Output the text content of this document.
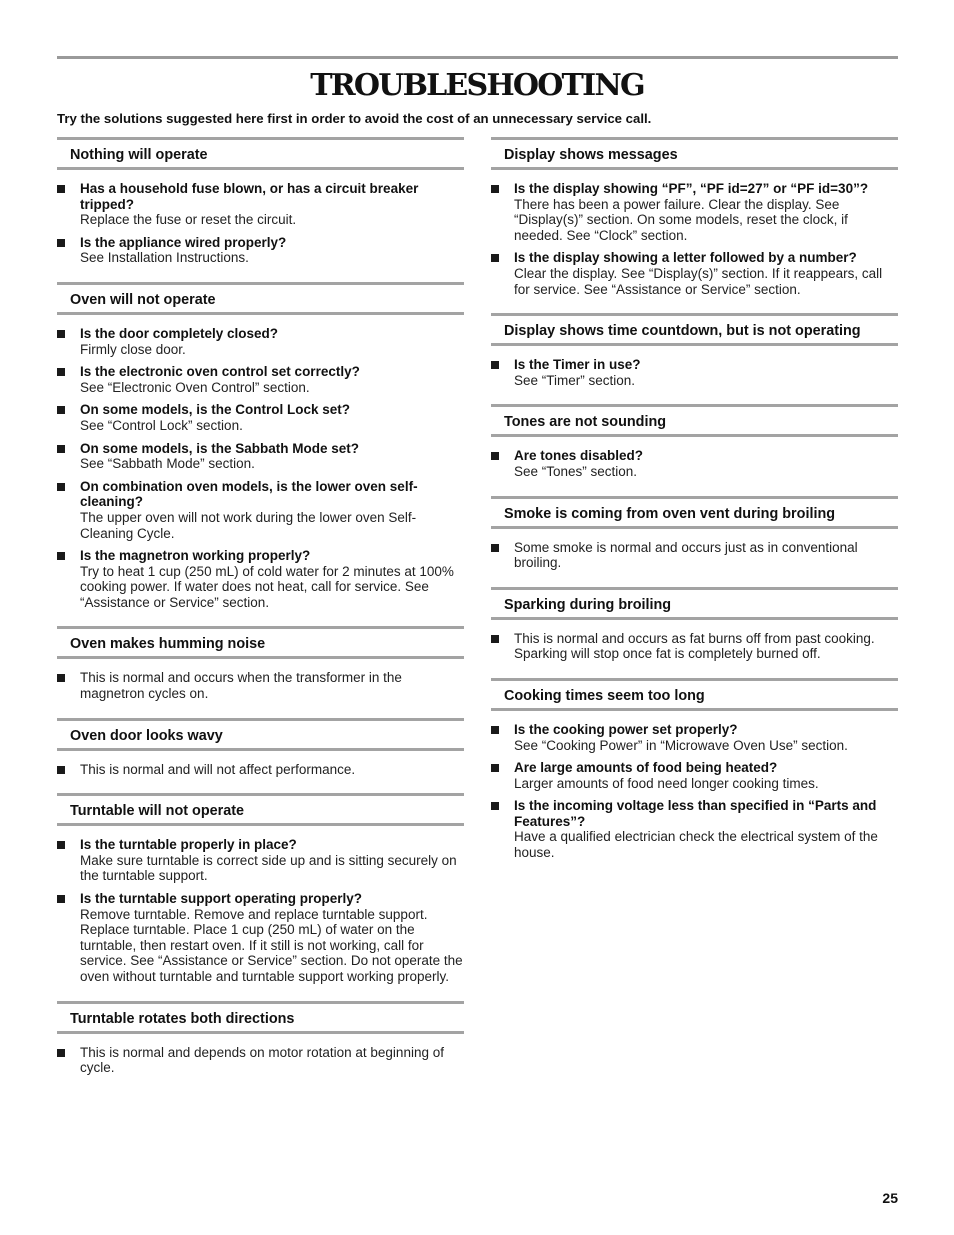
TROUBLESHOOTING

Try the solutions suggested here first in order to avoid the cost of an unnecessary service call.

Nothing will operate
Has a household fuse blown, or has a circuit breaker tripped?
Replace the fuse or reset the circuit.
Is the appliance wired properly?
See Installation Instructions.
Oven will not operate
Is the door completely closed?
Firmly close door.
Is the electronic oven control set correctly?
See “Electronic Oven Control” section.
On some models, is the Control Lock set?
See “Control Lock” section.
On some models, is the Sabbath Mode set?
See “Sabbath Mode” section.
On combination oven models, is the lower oven self-cleaning?
The upper oven will not work during the lower oven Self-Cleaning Cycle.
Is the magnetron working properly?
Try to heat 1 cup (250 mL) of cold water for 2 minutes at 100% cooking power. If water does not heat, call for service. See “Assistance or Service” section.
Oven makes humming noise
This is normal and occurs when the transformer in the magnetron cycles on.
Oven door looks wavy
This is normal and will not affect performance.
Turntable will not operate
Is the turntable properly in place?
Make sure turntable is correct side up and is sitting securely on the turntable support.
Is the turntable support operating properly?
Remove turntable. Remove and replace turntable support. Replace turntable. Place 1 cup (250 mL) of water on the turntable, then restart oven. If it still is not working, call for service. See “Assistance or Service” section. Do not operate the oven without turntable and turntable support working properly.
Turntable rotates both directions
This is normal and depends on motor rotation at beginning of cycle.
Display shows messages
Is the display showing “PF”, “PF id=27” or “PF id=30”?
There has been a power failure. Clear the display. See “Display(s)” section. On some models, reset the clock, if needed. See “Clock” section.
Is the display showing a letter followed by a number?
Clear the display. See “Display(s)” section. If it reappears, call for service. See “Assistance or Service” section.
Display shows time countdown, but is not operating
Is the Timer in use?
See “Timer” section.
Tones are not sounding
Are tones disabled?
See “Tones” section.
Smoke is coming from oven vent during broiling
Some smoke is normal and occurs just as in conventional broiling.
Sparking during broiling
This is normal and occurs as fat burns off from past cooking. Sparking will stop once fat is completely burned off.
Cooking times seem too long
Is the cooking power set properly?
See “Cooking Power” in “Microwave Oven Use” section.
Are large amounts of food being heated?
Larger amounts of food need longer cooking times.
Is the incoming voltage less than specified in “Parts and Features”?
Have a qualified electrician check the electrical system of the house.
25
